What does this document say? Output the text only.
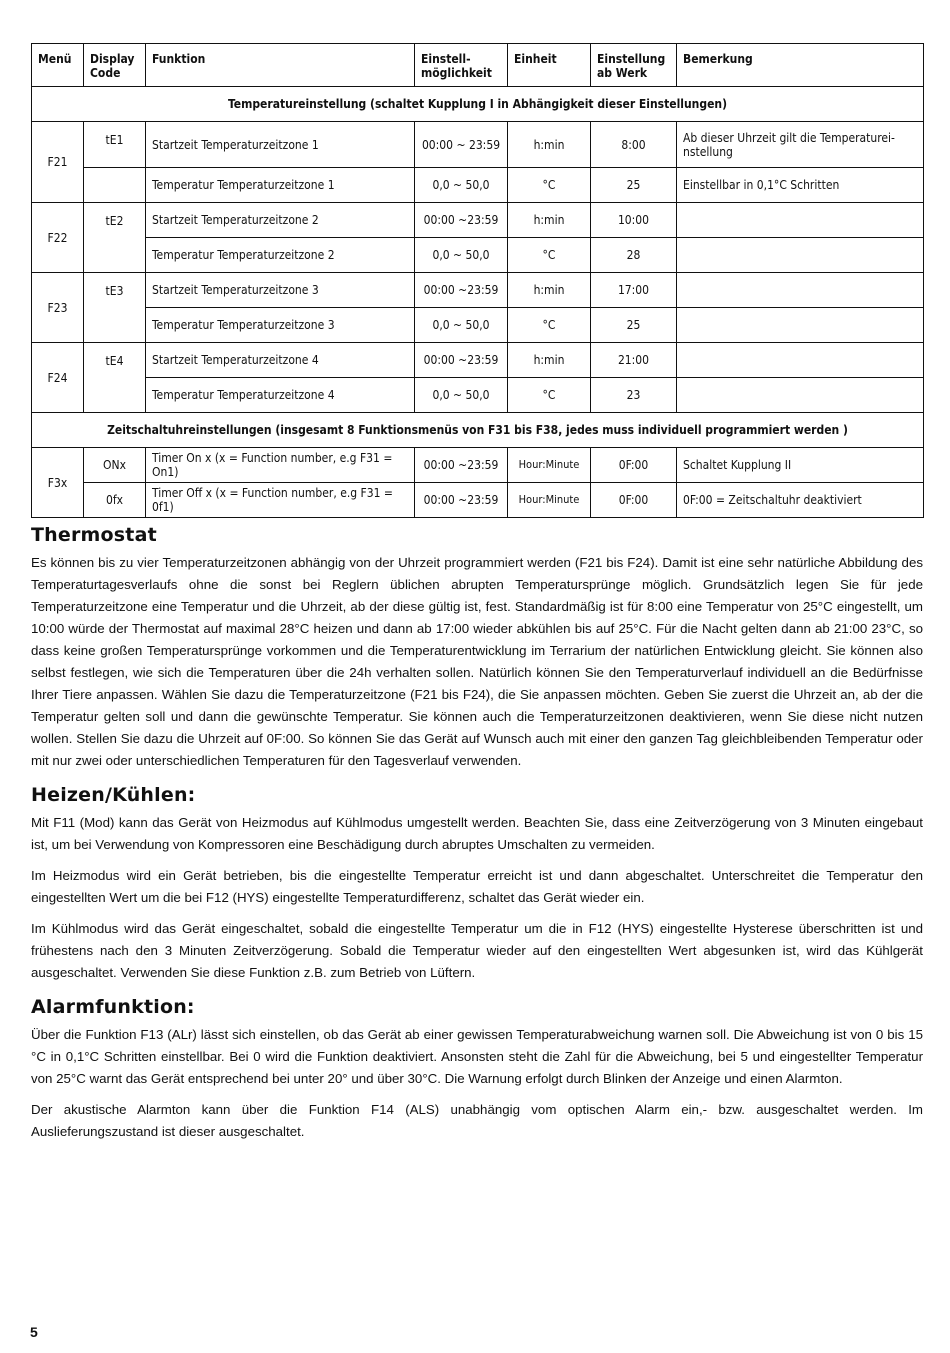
Menü	Display Code	Funktion	Einstell-möglichkeit	Einheit	Einstellung ab Werk	Bemerkung
Temperatureinstellung (schaltet Kupplung I in Abhängigkeit dieser Einstellungen)						
F21	tE1	Startzeit Temperaturzeitzone 1	00:00 ~ 23:59	h:min	8:00	Ab dieser Uhrzeit gilt die Temperaturei-nstellung
		Temperatur Temperaturzeitzone 1	0,0 ~ 50,0	°C	25	Einstellbar in 0,1°C Schritten
F22	tE2	Startzeit Temperaturzeitzone 2	00:00 ~23:59	h:min	10:00	
		Temperatur Temperaturzeitzone 2	0,0 ~ 50,0	°C	28	
F23	tE3	Startzeit Temperaturzeitzone 3	00:00 ~23:59	h:min	17:00	
		Temperatur Temperaturzeitzone 3	0,0 ~ 50,0	°C	25	
F24	tE4	Startzeit Temperaturzeitzone 4	00:00 ~23:59	h:min	21:00	
		Temperatur Temperaturzeitzone 4	0,0 ~ 50,0	°C	23	
Zeitschaltuhreinstellungen (insgesamt 8 Funktionsmenüs von F31 bis F38, jedes muss individuell programmiert werden )						
F3x	ONx	Timer On x (x = Function number, e.g F31 = On1)	00:00 ~23:59	Hour:Minute	0F:00	Schaltet Kupplung II
	0fx	Timer Off x (x = Function number, e.g F31 = 0f1)	00:00 ~23:59	Hour:Minute	0F:00	0F:00 = Zeitschaltuhr deaktiviert
Thermostat

Es können bis zu vier Temperaturzeitzonen abhängig von der Uhrzeit programmiert werden (F21 bis F24). Damit ist eine sehr natürliche Abbildung des Temperaturtagesverlaufs ohne die sonst bei Reglern üblichen abrupten Temperatursprünge möglich. Grundsätzlich legen Sie für jede Temperaturzeitzone eine Temperatur und die Uhrzeit, ab der diese gültig ist, fest. Standardmäßig ist für 8:00 eine Temperatur von 25°C eingestellt, um 10:00 würde der Thermostat auf maximal 28°C heizen und dann ab 17:00 wieder abkühlen bis auf 25°C. Für die Nacht gelten dann ab 21:00 23°C, so dass keine großen Temperatursprünge vorkommen und die Temperaturentwicklung im Terrarium der natürlichen Entwicklung gleicht. Sie können also selbst festlegen, wie sich die Temperaturen über die 24h verhalten sollen. Natürlich können Sie den Temperaturverlauf individuell an die Bedürfnisse Ihrer Tiere anpassen. Wählen Sie dazu die Temperaturzeitzone (F21 bis F24), die Sie anpassen möchten. Geben Sie zuerst die Uhrzeit an, ab der die Temperatur gelten soll und dann die gewünschte Temperatur. Sie können auch die Temperaturzeitzonen deaktivieren, wenn Sie diese nicht nutzen wollen. Stellen Sie dazu die Uhrzeit auf 0F:00. So können Sie das Gerät auf Wunsch auch mit einer den ganzen Tag gleichbleibenden Temperatur oder mit nur zwei oder unterschiedlichen Temperaturen für den Tagesverlauf verwenden.

Heizen/Kühlen:

Mit F11 (Mod) kann das Gerät von Heizmodus auf Kühlmodus umgestellt werden. Beachten Sie, dass eine Zeitverzögerung von 3 Minuten eingebaut ist, um bei Verwendung von Kompressoren eine Beschädigung durch abruptes Umschalten zu vermeiden.

Im Heizmodus wird ein Gerät betrieben, bis die eingestellte Temperatur erreicht ist und dann abgeschaltet. Unterschreitet die Temperatur den eingestellten Wert um die bei F12 (HYS) eingestellte Temperaturdifferenz, schaltet das Gerät wieder ein.

Im Kühlmodus wird das Gerät eingeschaltet, sobald die eingestellte Temperatur um die in F12 (HYS) eingestellte Hysterese überschritten ist und frühestens nach den 3 Minuten Zeitverzögerung. Sobald die Temperatur wieder auf den eingestellten Wert abgesunken ist, wird das Kühlgerät ausgeschaltet. Verwenden Sie diese Funktion z.B. zum Betrieb von Lüftern.

Alarmfunktion:

Über die Funktion F13 (ALr) lässt sich einstellen, ob das Gerät ab einer gewissen Temperaturabweichung warnen soll. Die Abweichung ist von 0 bis 15 °C in 0,1°C Schritten einstellbar. Bei 0 wird die Funktion deaktiviert. Ansonsten steht die Zahl für die Abweichung, bei 5 und eingestellter Temperatur von 25°C warnt das Gerät entsprechend bei unter 20° und über 30°C. Die Warnung erfolgt durch Blinken der Anzeige und einen Alarmton.

Der akustische Alarmton kann über die Funktion F14 (ALS) unabhängig vom optischen Alarm ein,- bzw. ausgeschaltet werden. Im Auslieferungszustand ist dieser ausgeschaltet.

5
